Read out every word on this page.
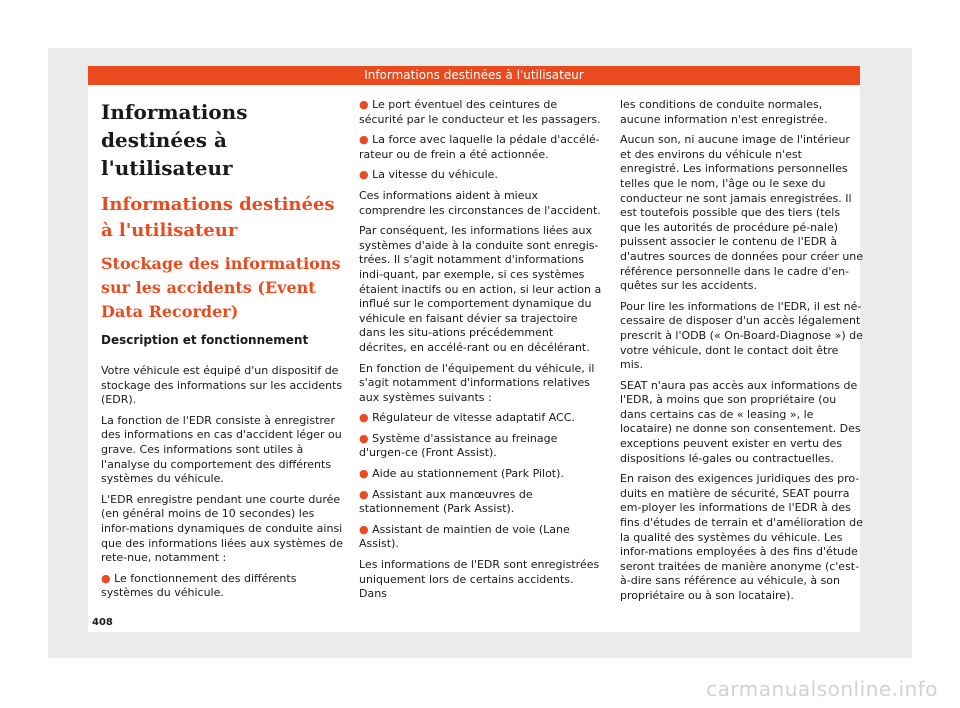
Informations destinées à l'utilisateur
Informations destinées à l'utilisateur
Informations destinées à l'utilisateur
Stockage des informations sur les accidents (Event Data Recorder)
Description et fonctionnement

Votre véhicule est équipé d'un dispositif de stockage des informations sur les accidents (EDR).

La fonction de l'EDR consiste à enregistrer des informations en cas d'accident léger ou grave. Ces informations sont utiles à l'analyse du comportement des différents systèmes du véhicule.

L'EDR enregistre pendant une courte durée (en général moins de 10 secondes) les infor-mations dynamiques de conduite ainsi que des informations liées aux systèmes de rete-nue, notamment :

● Le fonctionnement des différents systèmes du véhicule.
● Le port éventuel des ceintures de sécurité par le conducteur et les passagers.
● La force avec laquelle la pédale d'accélé-rateur ou de frein a été actionnée.
● La vitesse du véhicule.

Ces informations aident à mieux comprendre les circonstances de l'accident.

Par conséquent, les informations liées aux systèmes d'aide à la conduite sont enregis-trées. Il s'agit notamment d'informations indi-quant, par exemple, si ces systèmes étaient inactifs ou en action, si leur action a influé sur le comportement dynamique du véhicule en faisant dévier sa trajectoire dans les situ-ations précédemment décrites, en accélé-rant ou en décélérant.

En fonction de l'équipement du véhicule, il s'agit notamment d'informations relatives aux systèmes suivants :

● Régulateur de vitesse adaptatif ACC.
● Système d'assistance au freinage d'urgen-ce (Front Assist).
● Aide au stationnement (Park Pilot).
● Assistant aux manœuvres de stationnement (Park Assist).
● Assistant de maintien de voie (Lane Assist).

Les informations de l'EDR sont enregistrées uniquement lors de certains accidents. Dans

les conditions de conduite normales, aucune information n'est enregistrée.

Aucun son, ni aucune image de l'intérieur et des environs du véhicule n'est enregistré. Les informations personnelles telles que le nom, l'âge ou le sexe du conducteur ne sont jamais enregistrées. Il est toutefois possible que des tiers (tels que les autorités de procédure pé-nale) puissent associer le contenu de l'EDR à d'autres sources de données pour créer une référence personnelle dans le cadre d'en-quêtes sur les accidents.

Pour lire les informations de l'EDR, il est né-cessaire de disposer d'un accès légalement prescrit à l'ODB (« On-Board-Diagnose ») de votre véhicule, dont le contact doit être mis.

SEAT n'aura pas accès aux informations de l'EDR, à moins que son propriétaire (ou dans certains cas de « leasing », le locataire) ne donne son consentement. Des exceptions peuvent exister en vertu des dispositions lé-gales ou contractuelles.

En raison des exigences juridiques des pro-duits en matière de sécurité, SEAT pourra em-ployer les informations de l'EDR à des fins d'études de terrain et d'amélioration de la qualité des systèmes du véhicule. Les infor-mations employées à des fins d'étude seront traitées de manière anonyme (c'est-à-dire sans référence au véhicule, à son propriétaire ou à son locataire).

408
carmanualsonline.info
